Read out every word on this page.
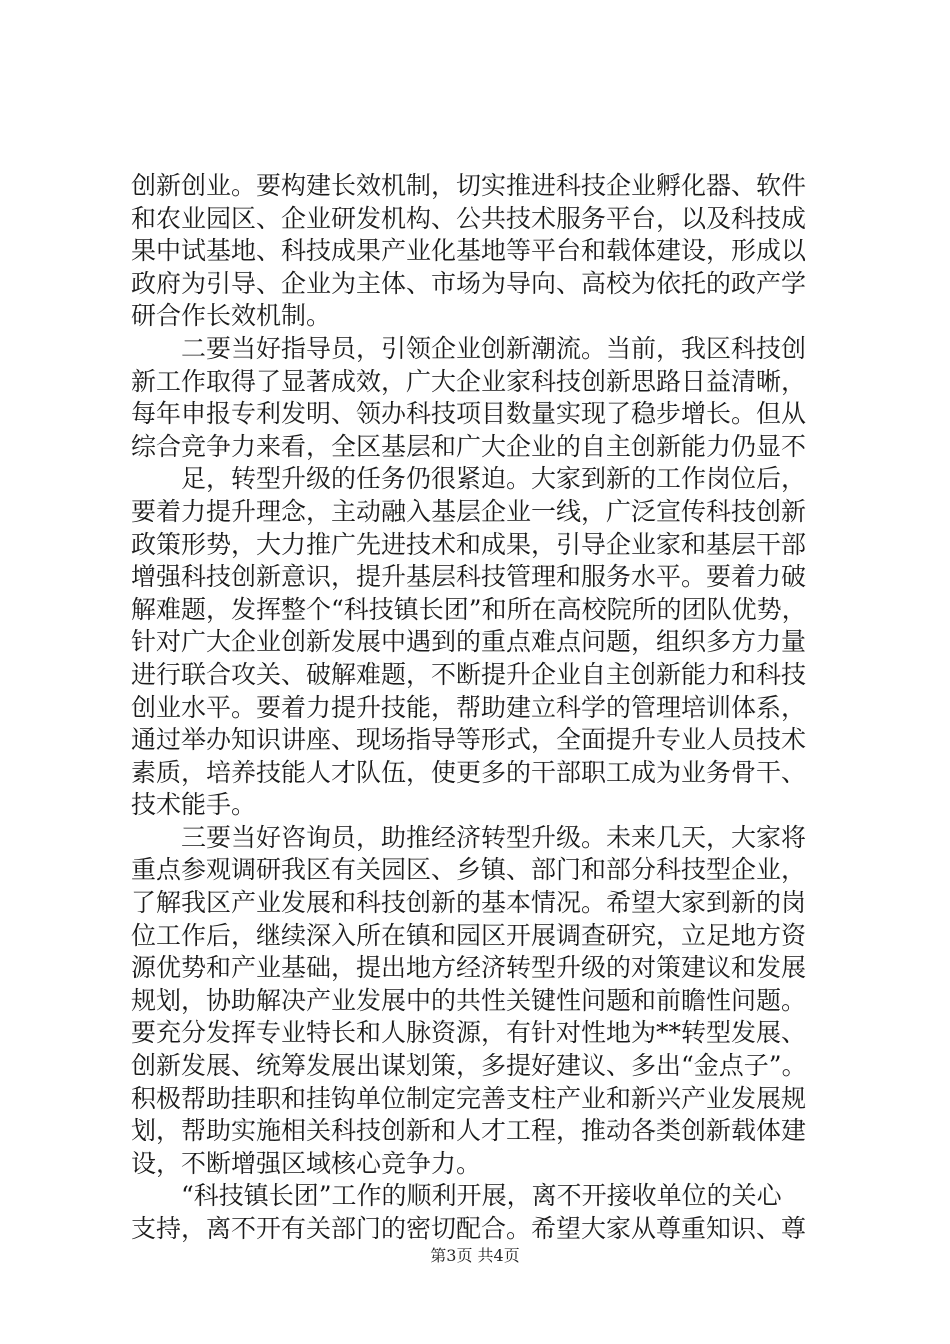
创新创业。要构建长效机制，切实推进科技企业孵化器、软件
和农业园区、企业研发机构、公共技术服务平台，以及科技成
果中试基地、科技成果产业化基地等平台和载体建设，形成以
政府为引导、企业为主体、市场为导向、高校为依托的政产学
研合作长效机制。
　　二要当好指导员，引领企业创新潮流。当前，我区科技创
新工作取得了显著成效，广大企业家科技创新思路日益清晰，
每年申报专利发明、领办科技项目数量实现了稳步增长。但从
综合竞争力来看，全区基层和广大企业的自主创新能力仍显不
　　足，转型升级的任务仍很紧迫。大家到新的工作岗位后，
要着力提升理念，主动融入基层企业一线，广泛宣传科技创新
政策形势，大力推广先进技术和成果，引导企业家和基层干部
增强科技创新意识，提升基层科技管理和服务水平。要着力破
解难题，发挥整个“科技镇长团”和所在高校院所的团队优势，
针对广大企业创新发展中遇到的重点难点问题，组织多方力量
进行联合攻关、破解难题，不断提升企业自主创新能力和科技
创业水平。要着力提升技能，帮助建立科学的管理培训体系，
通过举办知识讲座、现场指导等形式，全面提升专业人员技术
素质，培养技能人才队伍，使更多的干部职工成为业务骨干、
技术能手。
　　三要当好咨询员，助推经济转型升级。未来几天，大家将
重点参观调研我区有关园区、乡镇、部门和部分科技型企业，
了解我区产业发展和科技创新的基本情况。希望大家到新的岗
位工作后，继续深入所在镇和园区开展调查研究，立足地方资
源优势和产业基础，提出地方经济转型升级的对策建议和发展
规划，协助解决产业发展中的共性关键性问题和前瞻性问题。
要充分发挥专业特长和人脉资源，有针对性地为**转型发展、
创新发展、统筹发展出谋划策，多提好建议、多出“金点子”。
积极帮助挂职和挂钩单位制定完善支柱产业和新兴产业发展规
划，帮助实施相关科技创新和人才工程，推动各类创新载体建
设，不断增强区域核心竞争力。
　　“科技镇长团”工作的顺利开展，离不开接收单位的关心
支持，离不开有关部门的密切配合。希望大家从尊重知识、尊
第3页 共4页
